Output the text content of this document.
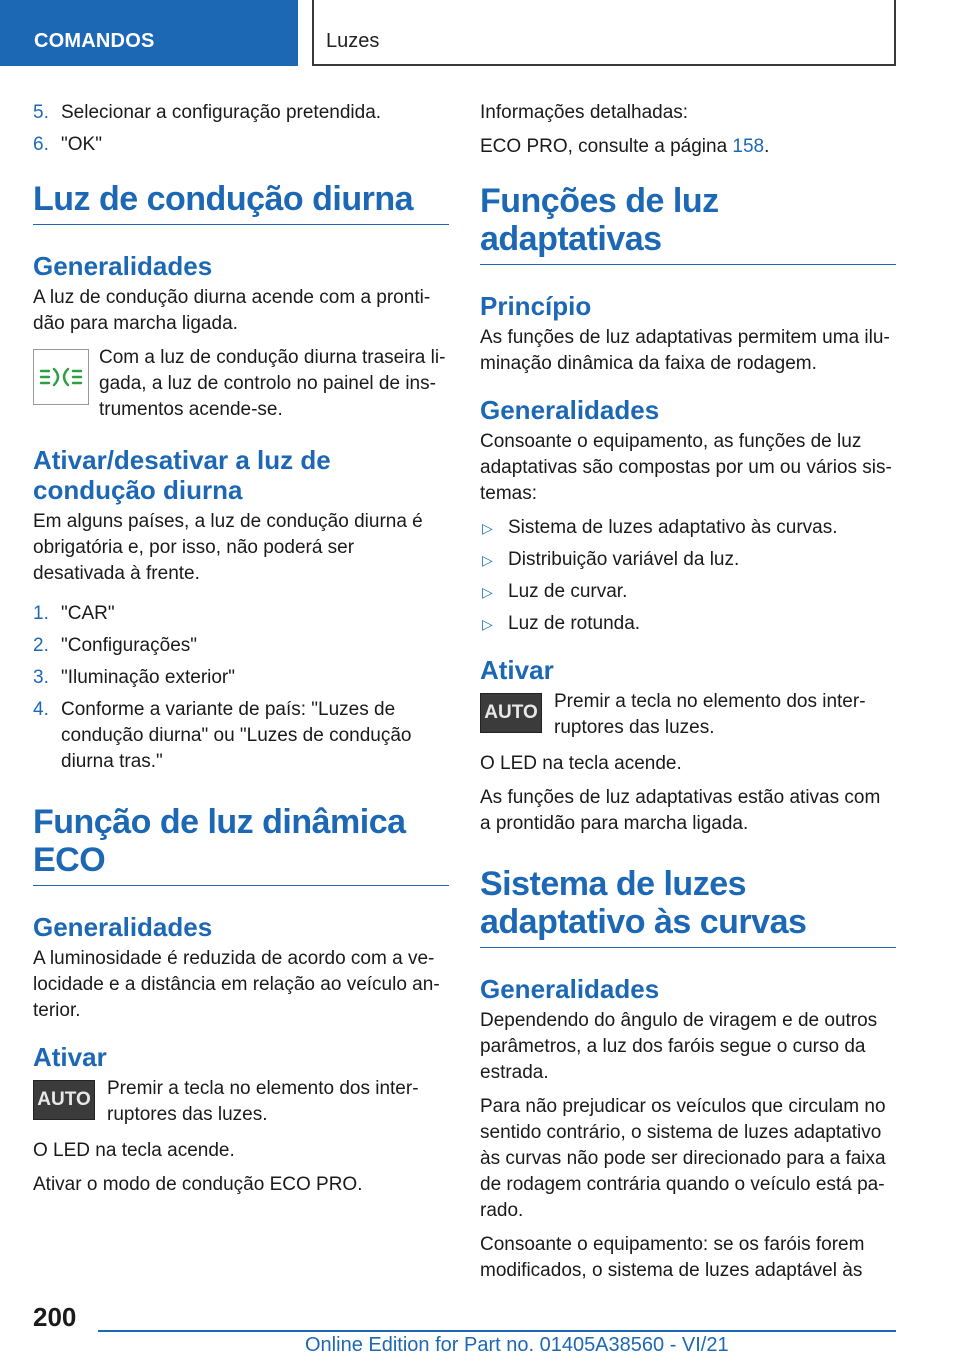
COMANDOS	Luzes
5. Selecionar a configuração pretendida.
6. "OK"
Luz de condução diurna
Generalidades

A luz de condução diurna acende com a prontidão para marcha ligada.

Com a luz de condução diurna traseira ligada, a luz de controlo no painel de instrumentos acende-se.

Ativar/desativar a luz de condução diurna

Em alguns países, a luz de condução diurna é obrigatória e, por isso, não poderá ser desativada à frente.

1. "CAR"
2. "Configurações"
3. "Iluminação exterior"
4. Conforme a variante de país: "Luzes de condução diurna" ou "Luzes de condução diurna tras."
Função de luz dinâmica ECO
Generalidades

A luminosidade é reduzida de acordo com a velocidade e a distância em relação ao veículo anterior.

Ativar
AUTO

Premir a tecla no elemento dos interruptores das luzes.

O LED na tecla acende.

Ativar o modo de condução ECO PRO.

Informações detalhadas:

ECO PRO, consulte a página 158.

Funções de luz adaptativas
Princípio

As funções de luz adaptativas permitem uma iluminação dinâmica da faixa de rodagem.

Generalidades

Consoante o equipamento, as funções de luz adaptativas são compostas por um ou vários sistemas:

▷ Sistema de luzes adaptativo às curvas.
▷ Distribuição variável da luz.
▷ Luz de curvar.
▷ Luz de rotunda.
Ativar
AUTO

Premir a tecla no elemento dos interruptores das luzes.

O LED na tecla acende.

As funções de luz adaptativas estão ativas com a prontidão para marcha ligada.

Sistema de luzes adaptativo às curvas
Generalidades

Dependendo do ângulo de viragem e de outros parâmetros, a luz dos faróis segue o curso da estrada.

Para não prejudicar os veículos que circulam no sentido contrário, o sistema de luzes adaptativo às curvas não pode ser direcionado para a faixa de rodagem contrária quando o veículo está parado.

Consoante o equipamento: se os faróis forem modificados, o sistema de luzes adaptável às

200
Online Edition for Part no. 01405A38560 - VI/21
